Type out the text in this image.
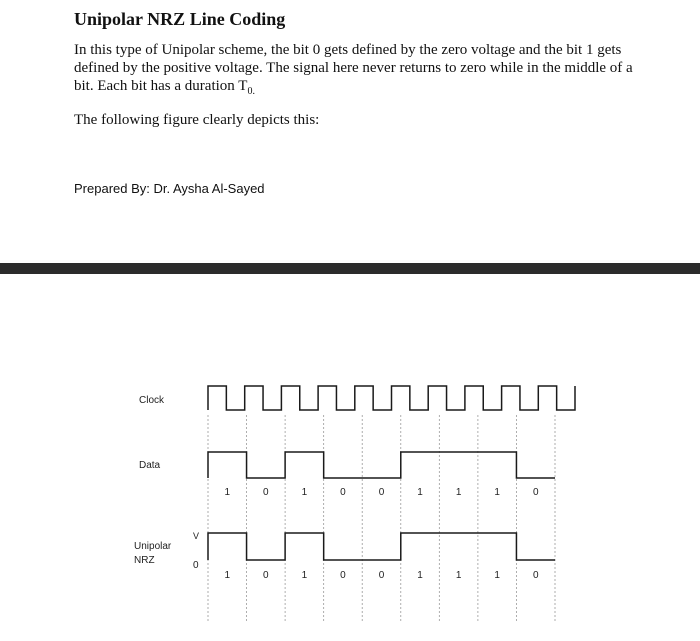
Unipolar NRZ Line Coding
In this type of Unipolar scheme, the bit 0 gets defined by the zero voltage and the bit 1 gets defined by the positive voltage. The signal here never returns to zero while in the middle of a bit. Each bit has a duration $T_{0.}$
The following figure clearly depicts this:
Prepared By: Dr. Aysha Al-Sayed
Clock
Data
Unipolar
NRZ
V
0
1	0	1	0	0	1	1	1	0
1	0	1	0	0	1	1	1	0
